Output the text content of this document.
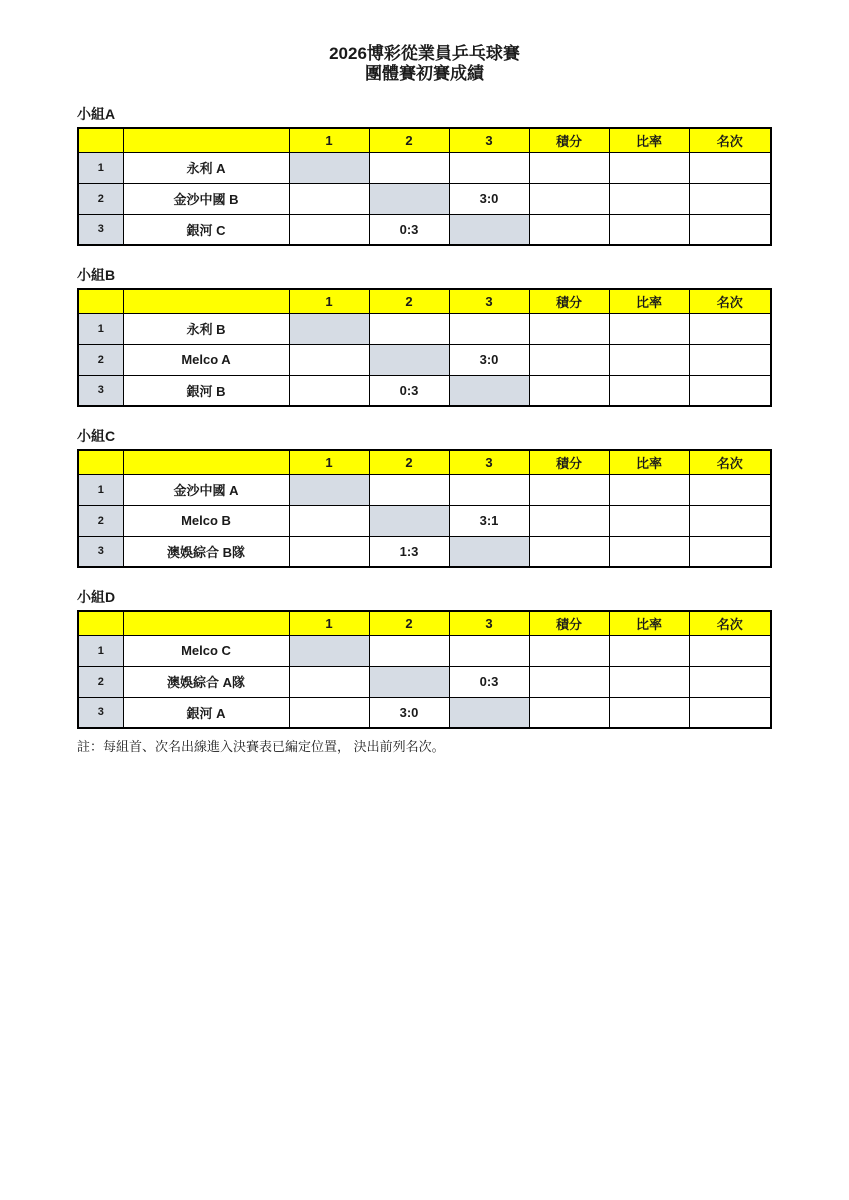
2026博彩從業員乒乓球賽
團體賽初賽成績
小組A
		1	2	3	積分	比率	名次
1	永利 A						
2	金沙中國 B			3:0			
3	銀河 C		0:3				
小組B
		1	2	3	積分	比率	名次
1	永利 B						
2	Melco A			3:0			
3	銀河 B		0:3				
小組C
		1	2	3	積分	比率	名次
1	金沙中國 A						
2	Melco B			3:1			
3	澳娛綜合 B隊		1:3				
小組D
		1	2	3	積分	比率	名次
1	Melco C						
2	澳娛綜合 A隊			0:3			
3	銀河 A		3:0				
註：每組首、次名出線進入決賽表已編定位置， 決出前列名次。
